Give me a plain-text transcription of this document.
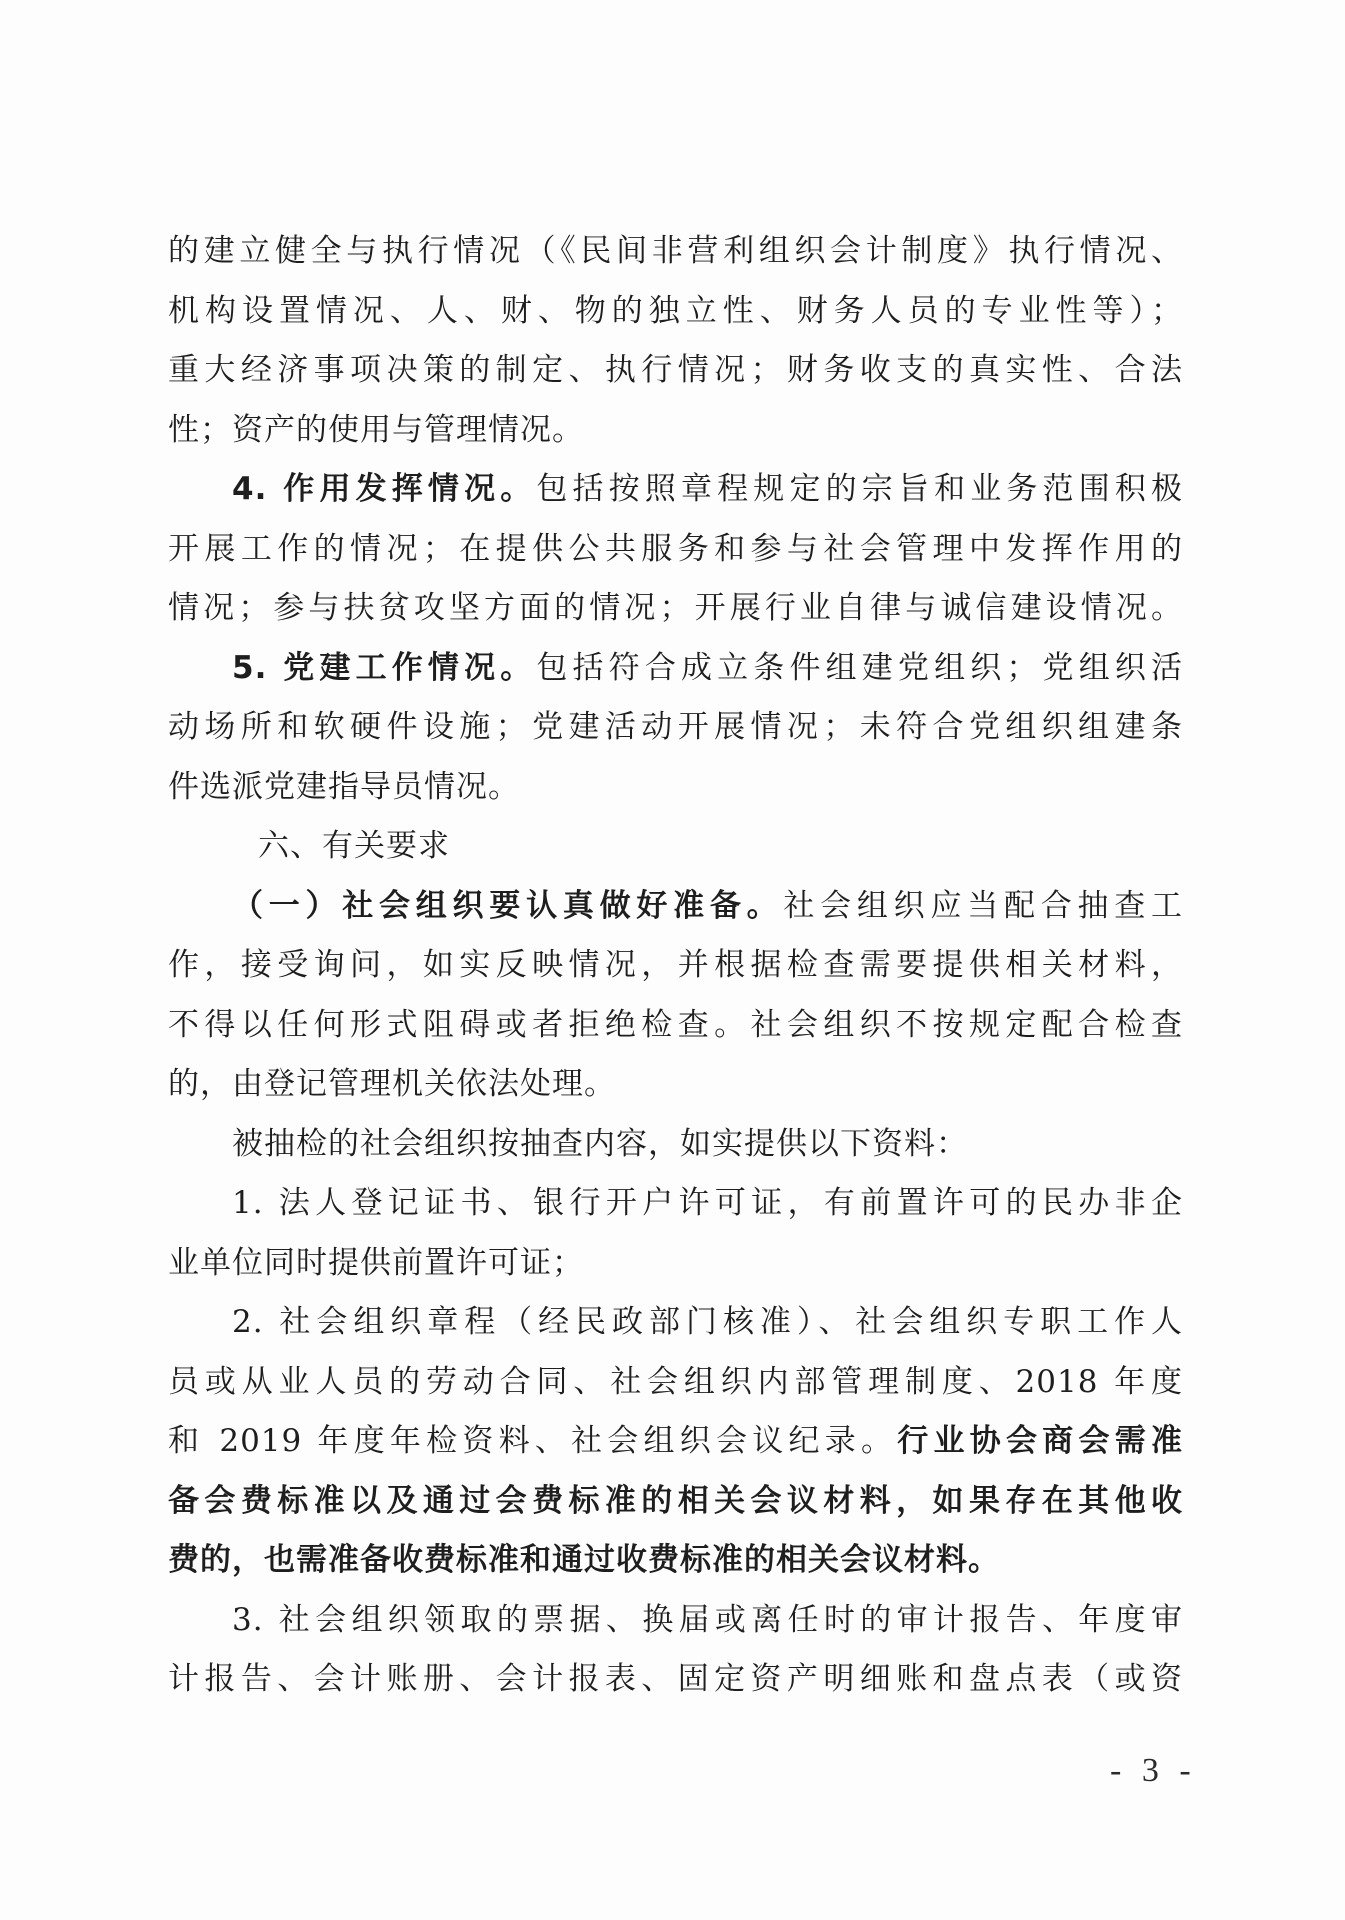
的建立健全与执行情况（《民间非营利组织会计制度》执行情况、

机构设置情况、人、财、物的独立性、财务人员的专业性等）；

重大经济事项决策的制定、执行情况；财务收支的真实性、合法

性；资产的使用与管理情况。

4. 作用发挥情况。包括按照章程规定的宗旨和业务范围积极

开展工作的情况；在提供公共服务和参与社会管理中发挥作用的

情况；参与扶贫攻坚方面的情况；开展行业自律与诚信建设情况。

5. 党建工作情况。包括符合成立条件组建党组织；党组织活

动场所和软硬件设施；党建活动开展情况；未符合党组织组建条

件选派党建指导员情况。

六、有关要求

（一）社会组织要认真做好准备。社会组织应当配合抽查工

作，接受询问，如实反映情况，并根据检查需要提供相关材料，

不得以任何形式阻碍或者拒绝检查。社会组织不按规定配合检查

的，由登记管理机关依法处理。

被抽检的社会组织按抽查内容，如实提供以下资料：

1. 法人登记证书、银行开户许可证，有前置许可的民办非企

业单位同时提供前置许可证；

2. 社会组织章程（经民政部门核准）、社会组织专职工作人

员或从业人员的劳动合同、社会组织内部管理制度、2018 年度

和 2019 年度年检资料、社会组织会议纪录。行业协会商会需准

备会费标准以及通过会费标准的相关会议材料，如果存在其他收

费的，也需准备收费标准和通过收费标准的相关会议材料。

3. 社会组织领取的票据、换届或离任时的审计报告、年度审

计报告、会计账册、会计报表、固定资产明细账和盘点表（或资

- 3 -
